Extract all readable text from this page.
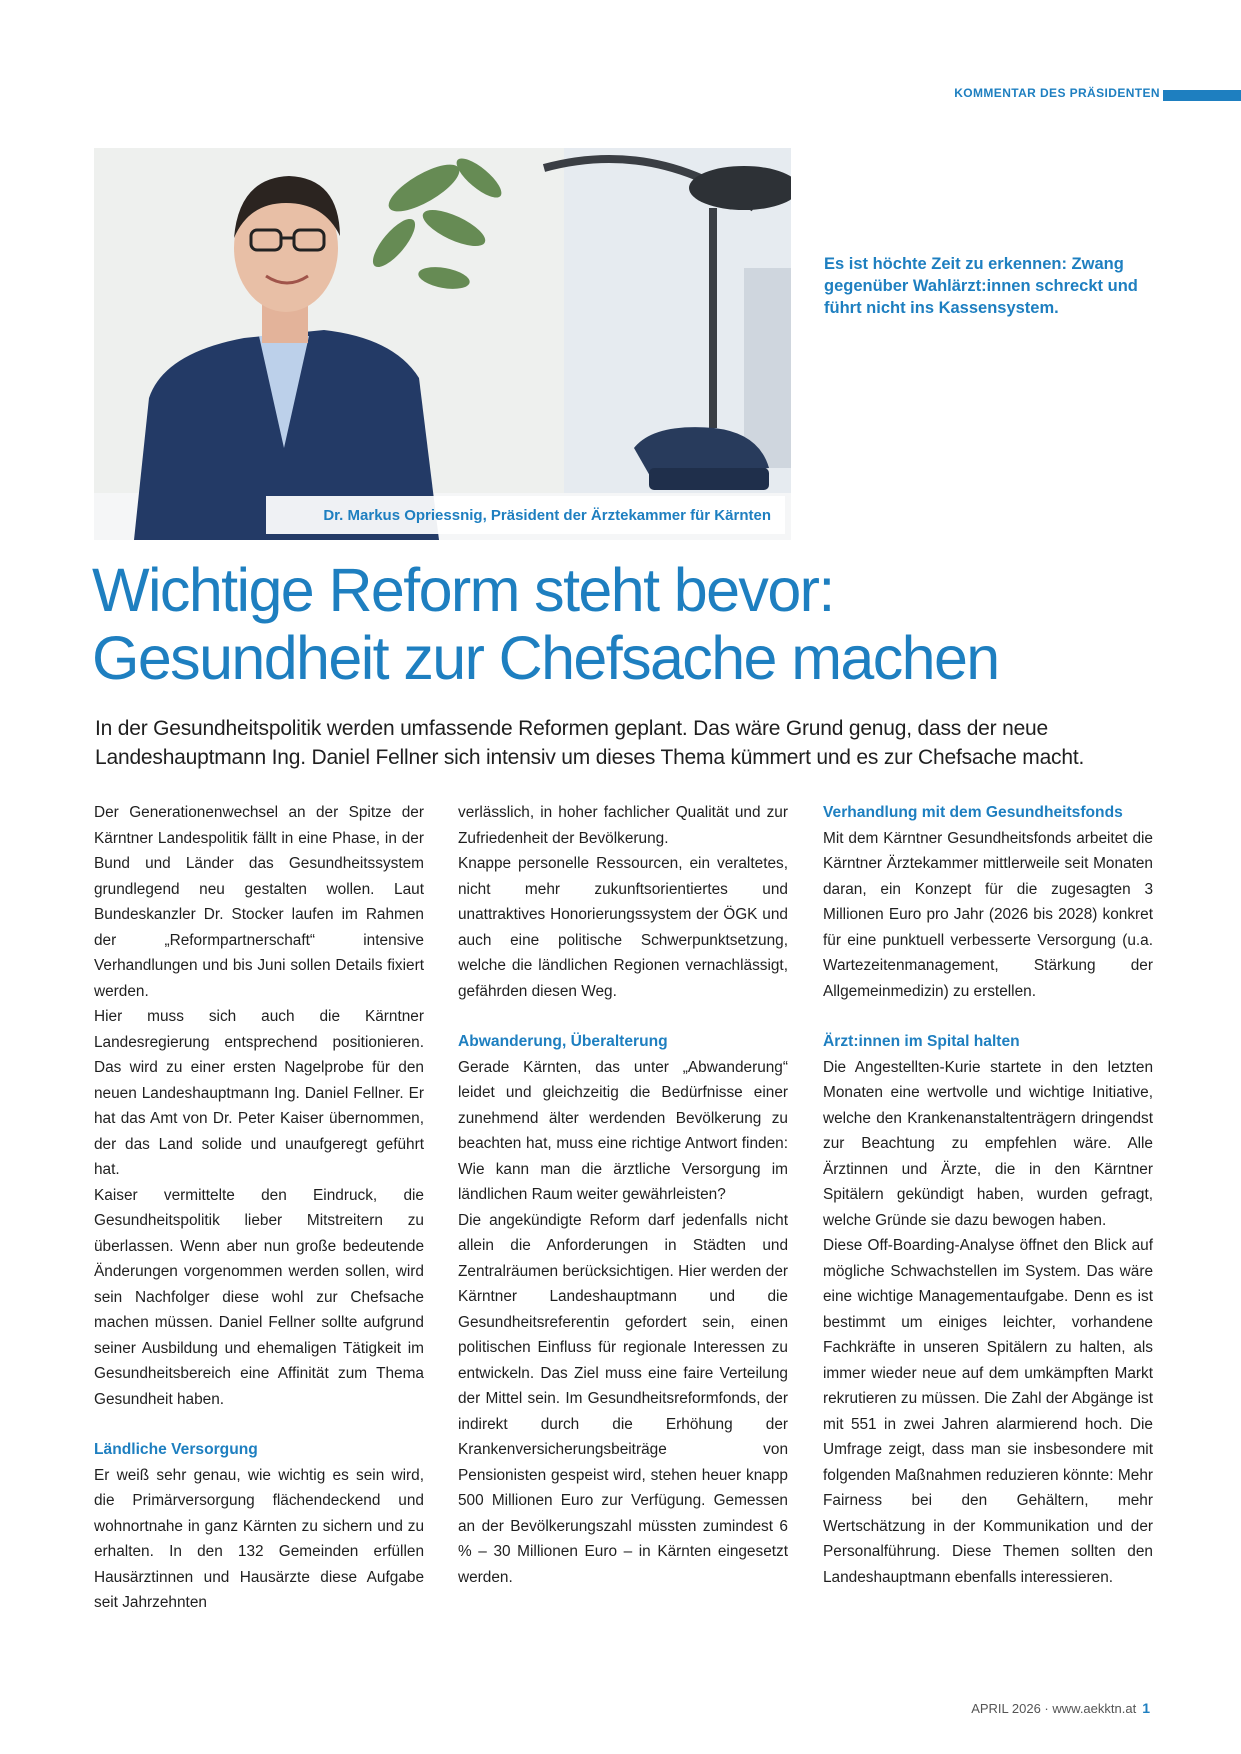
KOMMENTAR DES PRÄSIDENTEN
Dr. Markus Opriessnig, Präsident der Ärztekammer für Kärnten
Es ist höchte Zeit zu erkennen: Zwang gegenüber Wahlärzt:innen schreckt und führt nicht ins Kassensystem.
Wichtige Reform steht bevor:
Gesundheit zur Chefsache machen

In der Gesundheitspolitik werden umfassende Reformen geplant. Das wäre Grund genug, dass der neue Landeshauptmann Ing. Daniel Fellner sich intensiv um dieses Thema kümmert und es zur Chefsache macht.

Der Generationenwechsel an der Spitze der Kärntner Landespolitik fällt in eine Phase, in der Bund und Länder das Gesundheitssystem grundlegend neu gestalten wollen. Laut Bundeskanzler Dr. Stocker laufen im Rahmen der „Reformpartnerschaft“ intensive Verhandlungen und bis Juni sollen Details fixiert werden.

Hier muss sich auch die Kärntner Landesregierung entsprechend positionieren. Das wird zu einer ersten Nagelprobe für den neuen Landeshauptmann Ing. Daniel Fellner. Er hat das Amt von Dr. Peter Kaiser übernommen, der das Land solide und unaufgeregt geführt hat.

Kaiser vermittelte den Eindruck, die Gesundheitspolitik lieber Mitstreitern zu überlassen. Wenn aber nun große bedeutende Änderungen vorgenommen werden sollen, wird sein Nachfolger diese wohl zur Chefsache machen müssen. Daniel Fellner sollte aufgrund seiner Ausbildung und ehemaligen Tätigkeit im Gesundheitsbereich eine Affinität zum Thema Gesundheit haben.

Ländliche Versorgung

Er weiß sehr genau, wie wichtig es sein wird, die Primärversorgung flächendeckend und wohnortnahe in ganz Kärnten zu sichern und zu erhalten. In den 132 Gemeinden erfüllen Hausärztinnen und Hausärzte diese Aufgabe seit Jahrzehnten

verlässlich, in hoher fachlicher Qualität und zur Zufriedenheit der Bevölkerung.

Knappe personelle Ressourcen, ein veraltetes, nicht mehr zukunftsorientiertes und unattraktives Honorierungssystem der ÖGK und auch eine politische Schwerpunktsetzung, welche die ländlichen Regionen vernachlässigt, gefährden diesen Weg.

Abwanderung, Überalterung

Gerade Kärnten, das unter „Abwanderung“ leidet und gleichzeitig die Bedürfnisse einer zunehmend älter werdenden Bevölkerung zu beachten hat, muss eine richtige Antwort finden: Wie kann man die ärztliche Versorgung im ländlichen Raum weiter gewährleisten?

Die angekündigte Reform darf jedenfalls nicht allein die Anforderungen in Städten und Zentralräumen berücksichtigen. Hier werden der Kärntner Landeshauptmann und die Gesundheitsreferentin gefordert sein, einen politischen Einfluss für regionale Interessen zu entwickeln. Das Ziel muss eine faire Verteilung der Mittel sein. Im Gesundheitsreformfonds, der indirekt durch die Erhöhung der Krankenversicherungsbeiträge von Pensionisten gespeist wird, stehen heuer knapp 500 Millionen Euro zur Verfügung. Gemessen an der Bevölkerungszahl müssten zumindest 6 % – 30 Millionen Euro – in Kärnten eingesetzt werden.

Verhandlung mit dem Gesundheitsfonds

Mit dem Kärntner Gesundheitsfonds arbeitet die Kärntner Ärztekammer mittlerweile seit Monaten daran, ein Konzept für die zugesagten 3 Millionen Euro pro Jahr (2026 bis 2028) konkret für eine punktuell verbesserte Versorgung (u.a. Wartezeitenmanagement, Stärkung der Allgemeinmedizin) zu erstellen.

Ärzt:innen im Spital halten

Die Angestellten-Kurie startete in den letzten Monaten eine wertvolle und wichtige Initiative, welche den Krankenanstaltenträgern dringendst zur Beachtung zu empfehlen wäre. Alle Ärztinnen und Ärzte, die in den Kärntner Spitälern gekündigt haben, wurden gefragt, welche Gründe sie dazu bewogen haben.

Diese Off-Boarding-Analyse öffnet den Blick auf mögliche Schwachstellen im System. Das wäre eine wichtige Managementaufgabe. Denn es ist bestimmt um einiges leichter, vorhandene Fachkräfte in unseren Spitälern zu halten, als immer wieder neue auf dem umkämpften Markt rekrutieren zu müssen. Die Zahl der Abgänge ist mit 551 in zwei Jahren alarmierend hoch. Die Umfrage zeigt, dass man sie insbesondere mit folgenden Maßnahmen reduzieren könnte: Mehr Fairness bei den Gehältern, mehr Wertschätzung in der Kommunikation und der Personalführung. Diese Themen sollten den Landeshauptmann ebenfalls interessieren.

APRIL 2026 · www.aekktn.at 1
